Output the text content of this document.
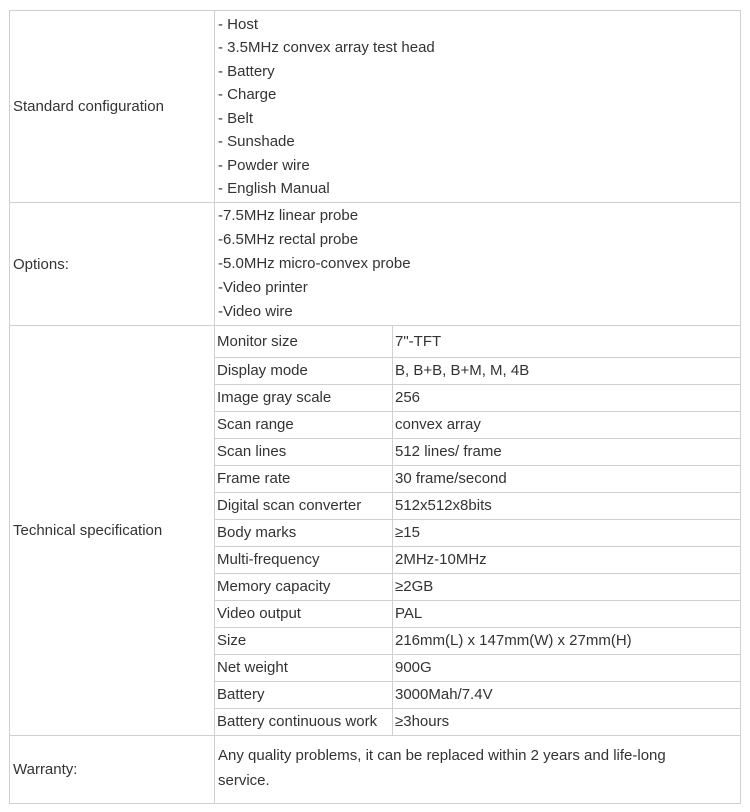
Standard configuration	
- Host
- 3.5MHz convex array test head
- Battery
- Charge
- Belt
- Sunshade
- Powder wire
- English Manual

Options:	
-7.5MHz linear probe
-6.5MHz rectal probe
-5.0MHz micro-convex probe
-Video printer
-Video wire

Technical specification	
Monitor size	7"-TFT
Display mode	B, B+B, B+M, M, 4B
Image gray scale	256
Scan range	convex array
Scan lines	512 lines/ frame
Frame rate	30 frame/second
Digital scan converter	512x512x8bits
Body marks	≥15
Multi-frequency	2MHz-10MHz
Memory capacity	≥2GB
Video output	PAL
Size	216mm(L) x 147mm(W) x 27mm(H)
Net weight	900G
Battery	3000Mah/7.4V
Battery continuous work	≥3hours

Warranty:	
Any quality problems, it can be replaced within 2 years and life-long service.
